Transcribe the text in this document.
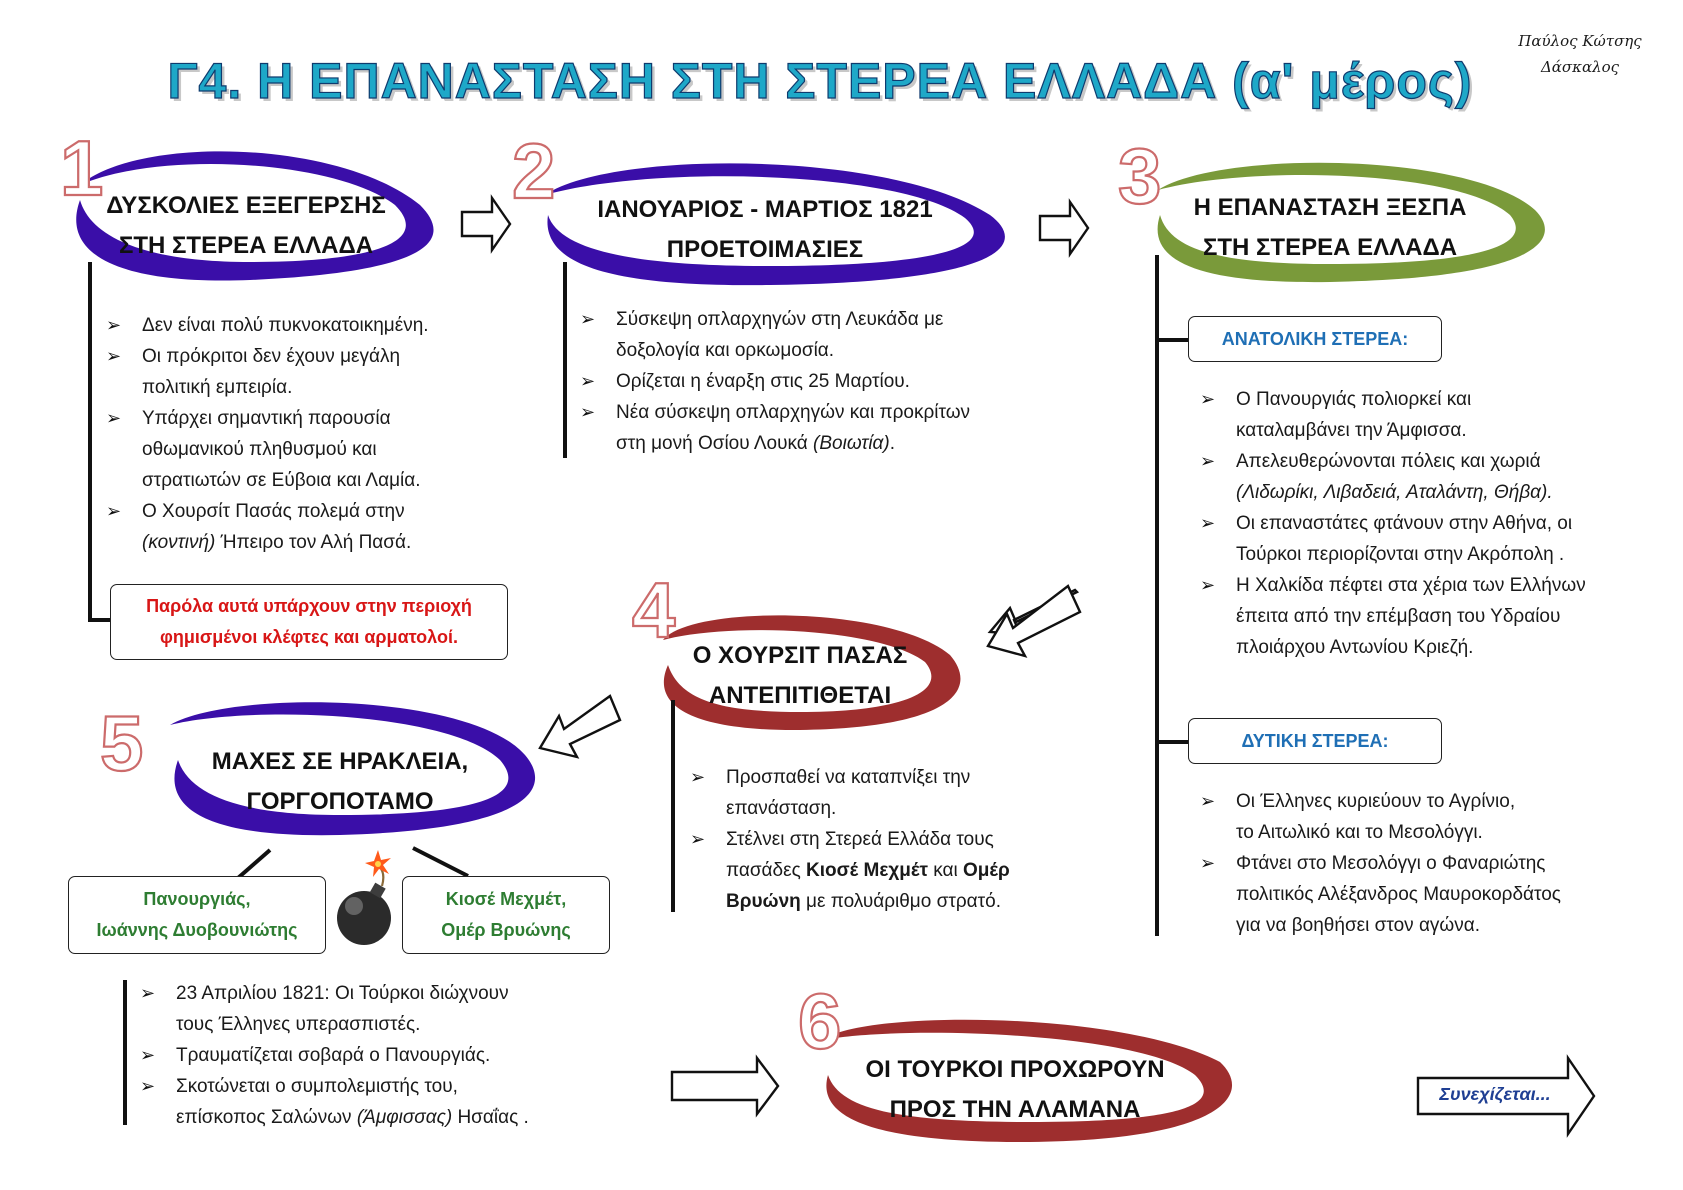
1	2	3
4
5
6
Γ4. Η ΕΠΑΝΑΣΤΑΣΗ ΣΤΗ ΣΤΕΡΕΑ ΕΛΛΑΔΑ (α' μέρος)
Παύλος Κώτσης
Δάσκαλος
ΔΥΣΚΟΛΙΕΣ ΕΞΕΓΕΡΣΗΣ
ΣΤΗ ΣΤΕΡΕΑ ΕΛΛΑΔΑ
➢ Δεν είναι πολύ πυκνοκατοικημένη.
➢ Οι πρόκριτοι δεν έχουν μεγάλη
πολιτική εμπειρία.
➢ Υπάρχει σημαντική παρουσία
οθωμανικού πληθυσμού και
στρατιωτών σε Εύβοια και Λαμία.
➢ Ο Χουρσίτ Πασάς πολεμά στην
(κοντινή) Ήπειρο τον Αλή Πασά.
Παρόλα αυτά υπάρχουν στην περιοχή
φημισμένοι κλέφτες και αρματολοί.
ΙΑΝΟΥΑΡΙΟΣ - ΜΑΡΤΙΟΣ 1821
ΠΡΟΕΤΟΙΜΑΣΙΕΣ
➢ Σύσκεψη οπλαρχηγών στη Λευκάδα με
δοξολογία και ορκωμοσία.
➢ Ορίζεται η έναρξη στις 25 Μαρτίου.
➢ Νέα σύσκεψη οπλαρχηγών και προκρίτων
στη μονή Οσίου Λουκά (Βοιωτία).
Η ΕΠΑΝΑΣΤΑΣΗ ΞΕΣΠΑ
ΣΤΗ ΣΤΕΡΕΑ ΕΛΛΑΔΑ
ΑΝΑΤΟΛΙΚΗ ΣΤΕΡΕΑ:
➢ Ο Πανουργιάς πολιορκεί και
καταλαμβάνει την Άμφισσα.
➢ Απελευθερώνονται πόλεις και χωριά
(Λιδωρίκι, Λιβαδειά, Αταλάντη, Θήβα).
➢ Οι επαναστάτες φτάνουν στην Αθήνα, οι
Τούρκοι περιορίζονται στην Ακρόπολη .
➢ Η Χαλκίδα πέφτει στα χέρια των Ελλήνων
έπειτα από την επέμβαση του Υδραίου
πλοιάρχου Αντωνίου Κριεζή.
ΔΥΤΙΚΗ ΣΤΕΡΕΑ:
➢ Οι Έλληνες κυριεύουν το Αγρίνιο,
το Αιτωλικό και το Μεσολόγγι.
➢ Φτάνει στο Μεσολόγγι ο Φαναριώτης
πολιτικός Αλέξανδρος Μαυροκορδάτος
για να βοηθήσει στον αγώνα.
Ο ΧΟΥΡΣΙΤ ΠΑΣΑΣ
ΑΝΤΕΠΙΤΙΘΕΤΑΙ
➢ Προσπαθεί να καταπνίξει την
επανάσταση.
➢ Στέλνει στη Στερεά Ελλάδα τους
πασάδες Κιοσέ Μεχμέτ και Ομέρ
Βρυώνη με πολυάριθμο στρατό.
ΜΑΧΕΣ ΣΕ ΗΡΑΚΛΕΙΑ,
ΓΟΡΓΟΠΟΤΑΜΟ
Πανουργιάς,
Ιωάννης Δυοβουνιώτης
Κιοσέ Μεχμέτ,
Ομέρ Βρυώνης
➢ 23 Απριλίου 1821: Οι Τούρκοι διώχνουν
τους Έλληνες υπερασπιστές.
➢ Τραυματίζεται σοβαρά ο Πανουργιάς.
➢ Σκοτώνεται ο συμπολεμιστής του,
επίσκοπος Σαλώνων (Άμφισσας) Ησαΐας .
ΟΙ ΤΟΥΡΚΟΙ ΠΡΟΧΩΡΟΥΝ
ΠΡΟΣ ΤΗΝ ΑΛΑΜΑΝΑ
Συνεχίζεται...
